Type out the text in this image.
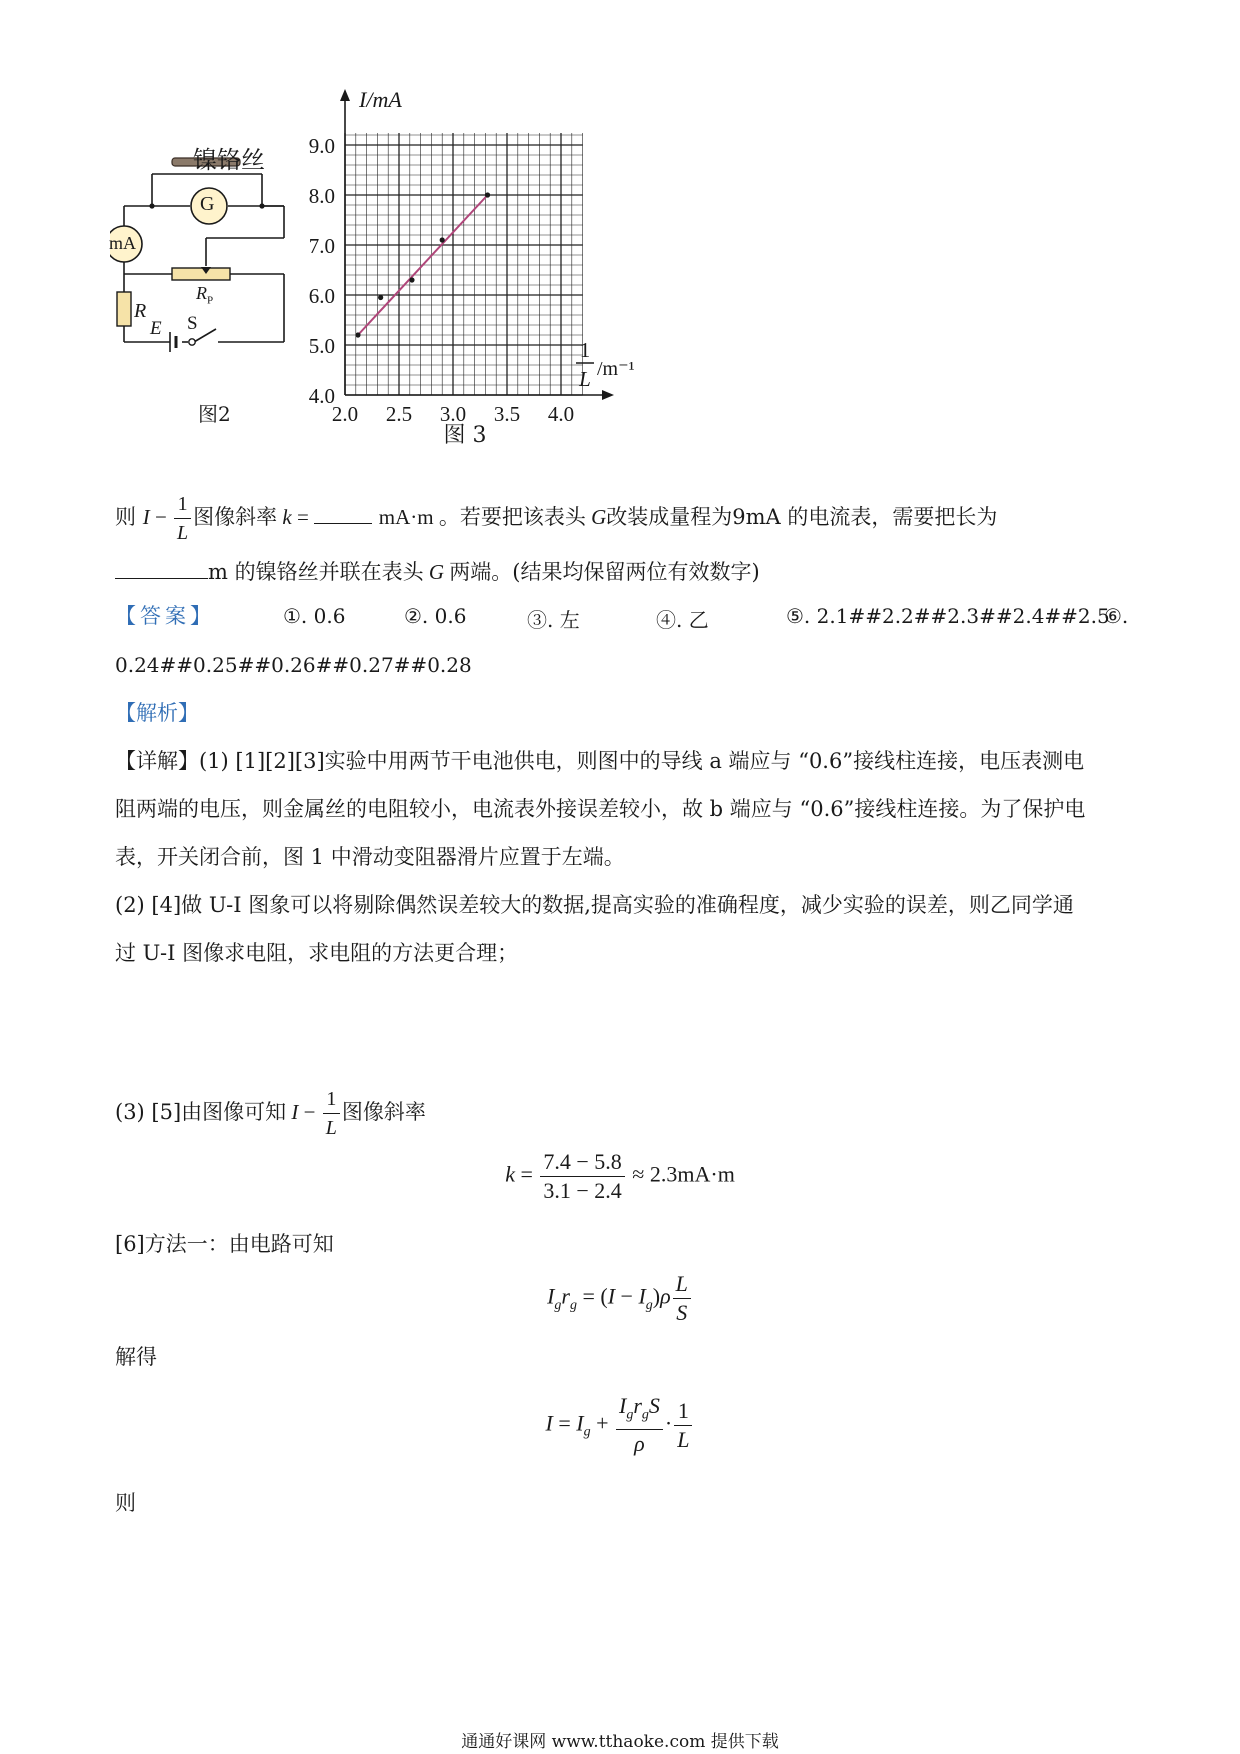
镍铬丝
G
mA
$R_P$
R
E S
图2
9.0
8.0
7.0
6.0
5.0
4.0
2.0 2.5 3.0 3.5 4.0
I/mA
1
L /m⁻¹
图 3
则 $I - \frac{1}{L}$ 图像斜率 k =	mA·m 。若要把该表头 G改装成量程为9mA 的电流表，需要把长为
m 的镍铬丝并联在表头 G 两端。(结果均保留两位有效数字)
【答案】	①. 0.6	②. 0.6	③. 左	④. 乙	⑤. 2.1##2.2##2.3##2.4##2.5
⑥.
0.24##0.25##0.26##0.27##0.28
【解析】
【详解】(1) [1][2][3]实验中用两节干电池供电，则图中的导线 a 端应与 “0.6”接线柱连接，电压表测电
阻两端的电压，则金属丝的电阻较小，电流表外接误差较小，故 b 端应与 “0.6”接线柱连接。为了保护电
表，开关闭合前，图 1 中滑动变阻器滑片应置于左端。
(2) [4]做 U-I 图象可以将剔除偶然误差较大的数据,提高实验的准确程度，减少实验的误差，则乙同学通
过 U-I 图像求电阻，求电阻的方法更合理；
(3) [5]由图像可知 $I - \frac{1}{L}$ 图像斜率
$k = \frac{7.4 - 5.8}{3.1 - 2.4} \approx 2.3mA\cdot m$
[6]方法一：由电路可知
$I_gr_g = (I - I_g)\rho \frac{L}{S}$
解得
$I = I_g + \frac{I_gr_gS}{\rho} \cdot \frac{1}{L}$
则
通通好课网 www.tthaoke.com 提供下载
